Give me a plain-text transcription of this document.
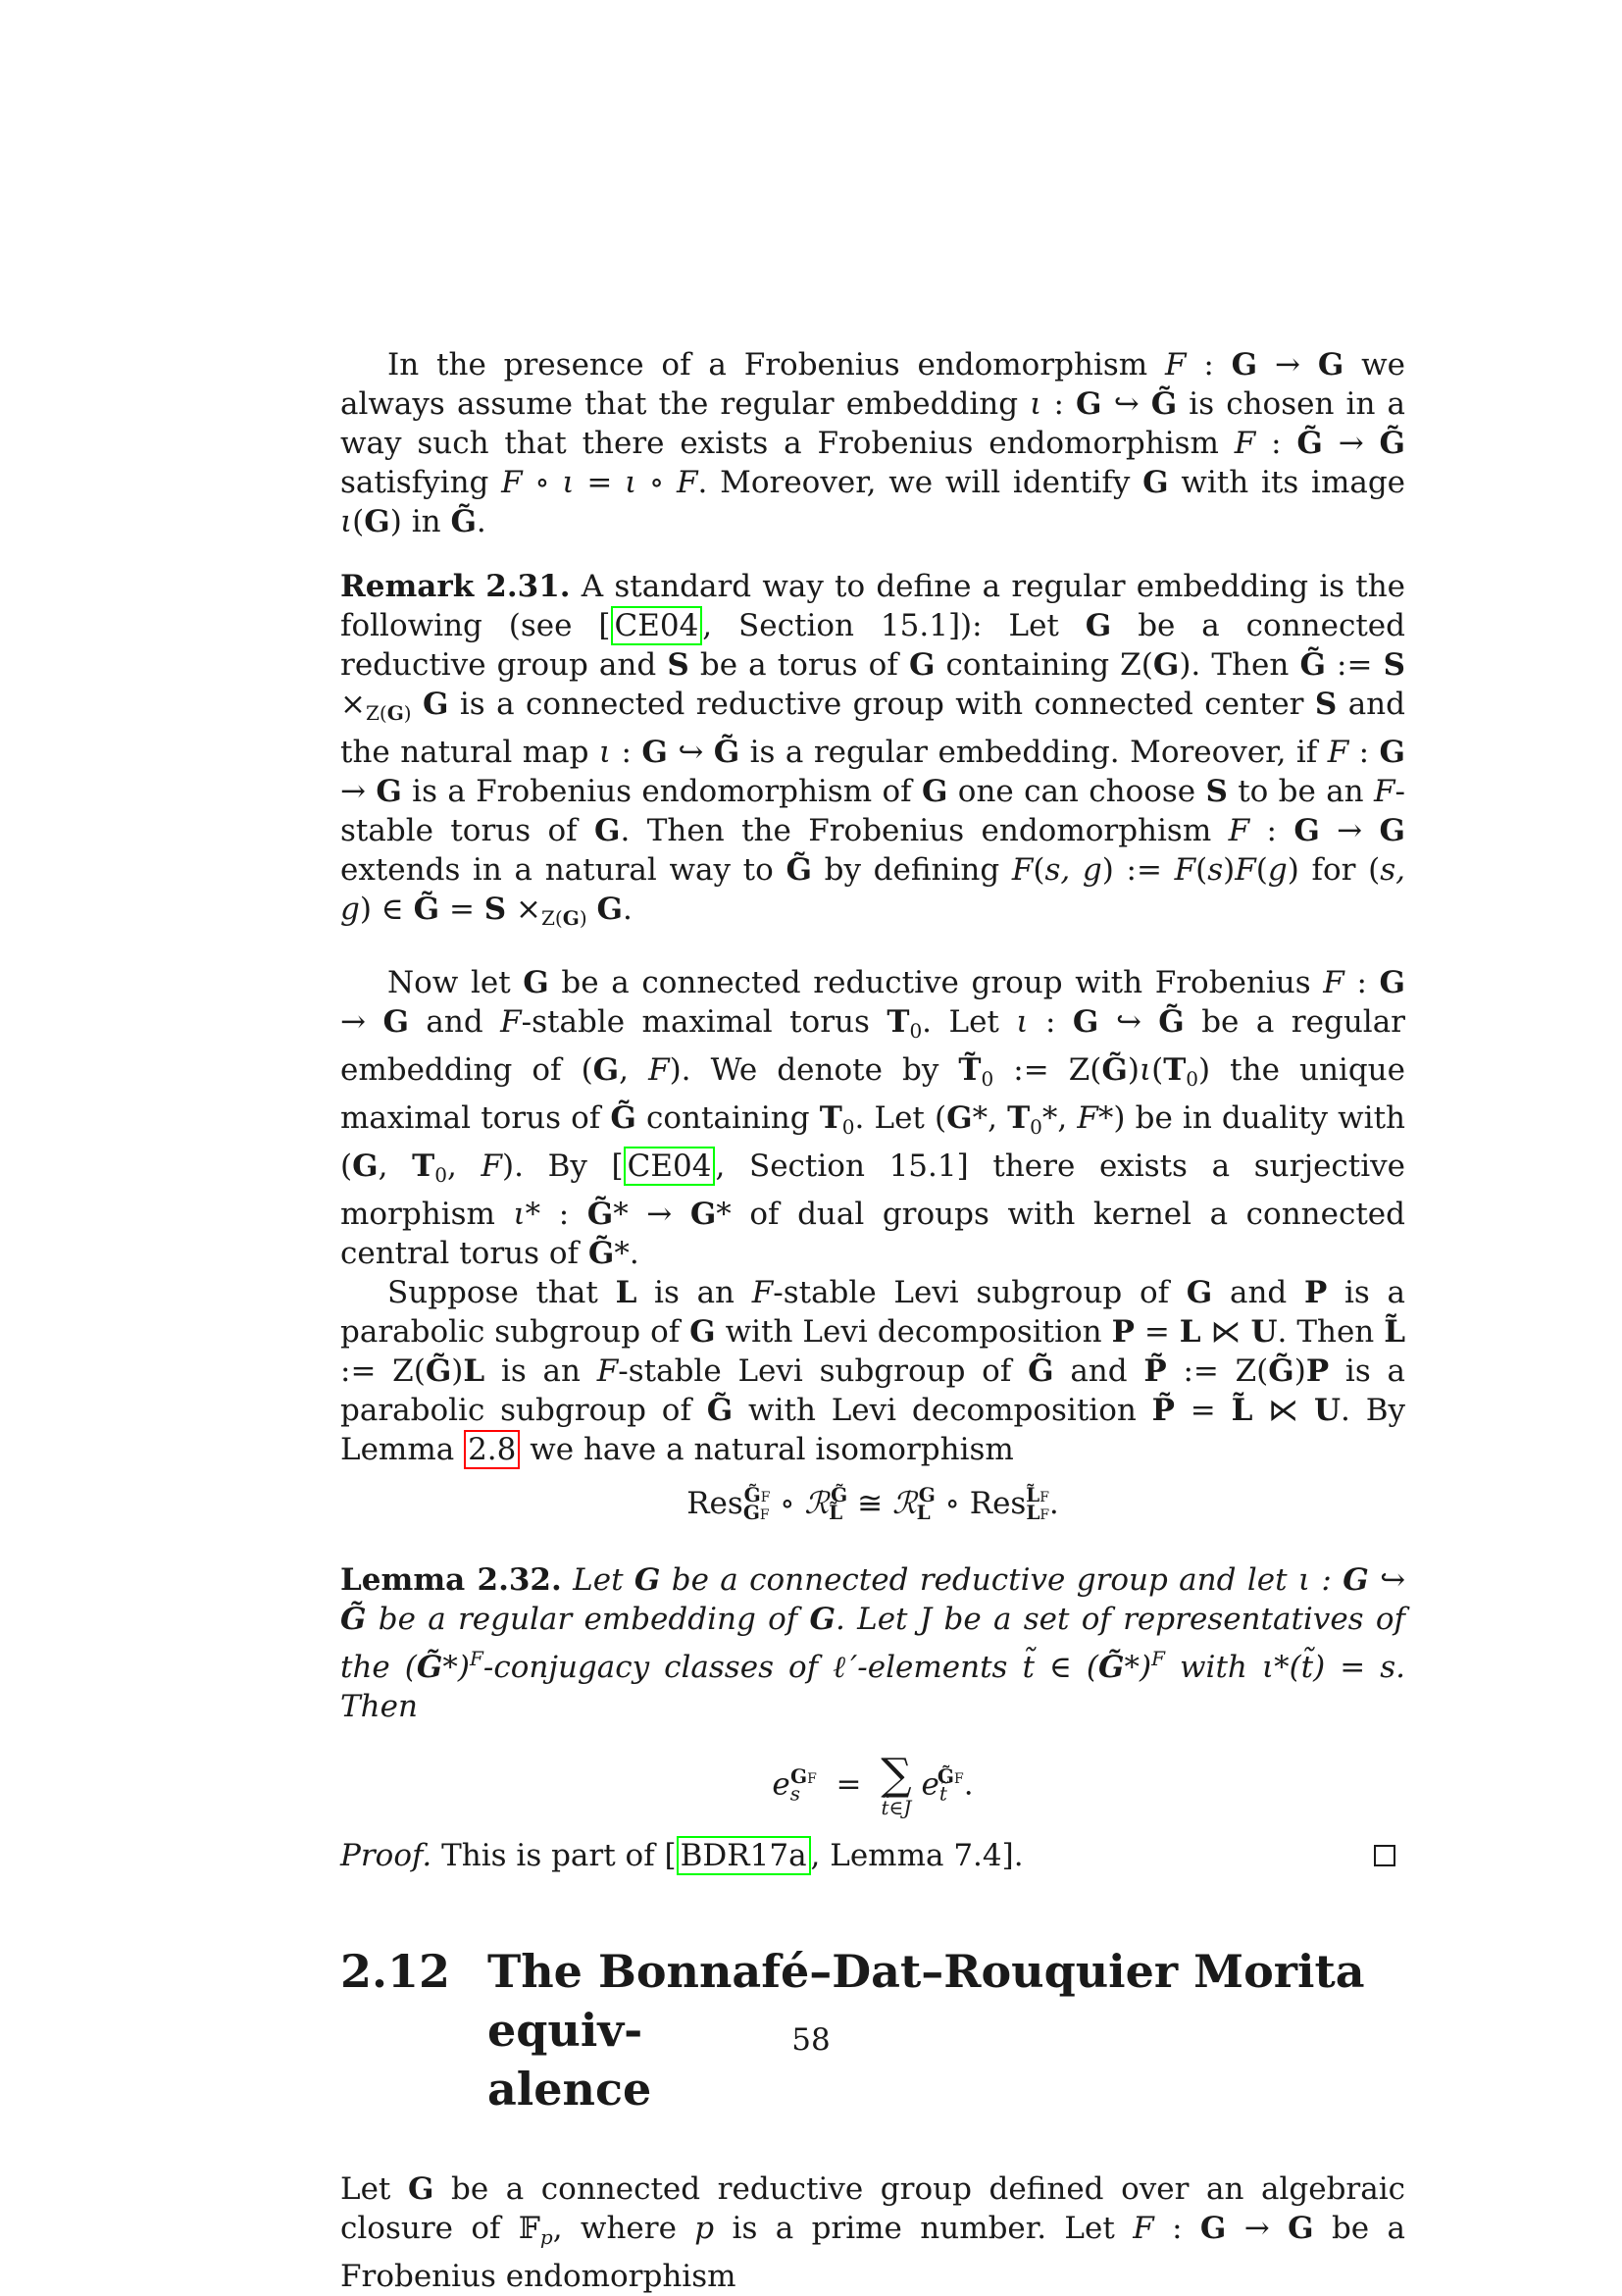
In the presence of a Frobenius endomorphism F : G → G we always assume that the regular embedding ι : G ↪ G̃ is chosen in a way such that there exists a Frobenius endomorphism F : G̃ → G̃ satisfying F ∘ ι = ι ∘ F. Moreover, we will identify G with its image ι(G) in G̃.

Remark 2.31. A standard way to define a regular embedding is the following (see [ CE04 , Section 15.1]): Let G be a connected reductive group and S be a torus of G containing Z(G). Then G̃ := $S \times_{Z(G)}$ G is a connected reductive group with connected center S and the natural map ι : G ↪ G̃ is a regular embedding. Moreover, if F : G → G is a Frobenius endomorphism of G one can choose S to be an F-stable torus of G. Then the Frobenius endomorphism F : G → G extends in a natural way to G̃ by defining F(s, g) := F(s)F(g) for (s, g) ∈ G̃ = $S \times_{Z(G)}$ G.

Now let G be a connected reductive group with Frobenius F : G → G and F-stable maximal torus $T_0$. Let ι : G ↪ G̃ be a regular embedding of (G, F). We denote by $T̃_0$ := $Z(G̃)\iota(T_0)$ the unique maximal torus of G̃ containing $T_0$. Let (G*, $T_0*$, F*) be in duality with (G, $T_0$, F). By [ CE04 , Section 15.1] there exists a surjective morphism ι* : G̃* → G* of dual groups with kernel a connected central torus of G̃*.

Suppose that L is an F-stable Levi subgroup of G and P is a parabolic subgroup of G with Levi decomposition P = L ⋉ U. Then L̃ := Z(G̃)L is an F-stable Levi subgroup of G̃ and P̃ := Z(G̃)P is a parabolic subgroup of G̃ with Levi decomposition P̃ = L̃ ⋉ U. By Lemma 2.8 we have a natural isomorphism

Res$_{GF}^{G̃F}$ ∘ ℛ$_{L̃}^{G̃}$ ≅ ℛ$_L^G$ ∘ Res$_{LF}^{L̃F}$.

Lemma 2.32. Let G be a connected reductive group and let ι : G ↪ G̃ be a regular embedding of G. Let J be a set of representatives of the (G̃*)$^F$-conjugacy classes of ℓ′-elements t̃ ∈ (G̃*)$^F$ with ι*(t̃) = s. Then

$e_s^{GF}$  = ∑
t̃∈J
$e_{t̃}^{G̃F}$.
Proof. This is part of [ BDR17a , Lemma 7.4].
2.12 The Bonnafé–Dat–Rouquier Morita equiv-
alence

Let G be a connected reductive group defined over an algebraic closure of 𝔽$_p$, where p is a prime number. Let F : G → G be a Frobenius endomorphism

58
